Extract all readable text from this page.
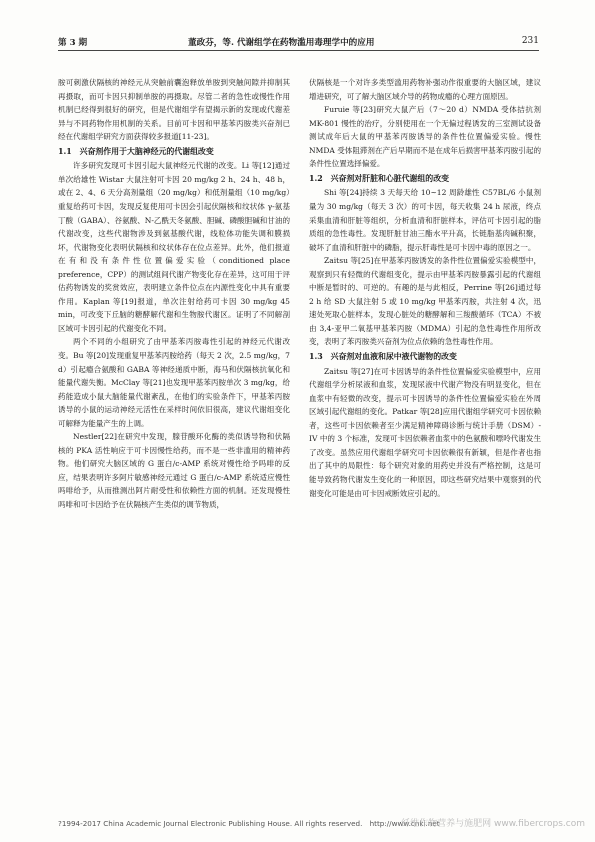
第 3 期	董政芬，等. 代谢组学在药物滥用毒理学中的应用	231

胺可刺激伏隔核的神经元从突触前囊泡释放单胺到突触间隙并抑制其再摄取，而可卡因只抑制单胺的再摄取。尽管二者的急性或慢性作用机制已经得到很好的研究，但是代谢组学有望揭示新的发现或代谢差异与不同药物作用机制的关系。目前可卡因和甲基苯丙胺类兴奋剂已经在代谢组学研究方面获得较多报道[11-23]。

1.1　兴奋剂作用于大脑神经元的代谢组改变

许多研究发现可卡因引起大鼠神经元代谢的改变。Li 等[12]通过单次给雄性 Wistar 大鼠注射可卡因 20 mg/kg 2 h、24 h、48 h，或在 2、4、6 天分高剂量组（20 mg/kg）和低剂量组（10 mg/kg）重复给药可卡因，发现反复使用可卡因会引起伏隔核和纹状体 γ-氨基丁酸（GABA）、谷氨酸、N-乙酰天冬氨酸、胆碱、磷酸胆碱和甘油的代谢改变，这些代谢物涉及到氨基酸代谢，线粒体功能失调和膜损坏，代谢物变化表明伏隔核和纹状体存在位点差异。此外，他们报道在有和没有条件性位置偏爱实验（conditioned place preference，CPP）的测试组间代谢产物变化存在差异，这可用于评估药物诱发的奖赏效应，表明建立条件位点在内源性变化中具有重要作用。Kaplan 等[19]报道，单次注射给药可卡因 30 mg/kg 45 min，可改变下丘脑的糖酵解代谢和生物胺代谢区。证明了不同解剖区域可卡因引起的代谢变化不同。

两个不同的小组研究了由甲基苯丙胺毒性引起的神经元代谢改变。Bu 等[20]发现重复甲基苯丙胺给药（每天 2 次，2.5 mg/kg，7 d）引起瘾合氨酸和 GABA 等神经递质中断，海马和伏隔核抗氧化和能量代谢失衡。McClay 等[21]也发现甲基苯丙胺单次 3 mg/kg，给药能造成小鼠大脑能量代谢紊乱，在他们的实验条件下，甲基苯丙胺诱导的小鼠的运动神经元活性在采样时间依旧很高，建议代谢组变化可解释为能量产生的上调。

Nestler[22]在研究中发现，腺苷酸环化酶的类似诱导物和伏隔核的 PKA 活性响应于可卡因慢性给药，而不是一些非滥用的精神药物。他们研究大脑区域的 G 蛋白/c-AMP 系统对慢性给予吗啡的反应，结果表明许多阿片敏感神经元通过 G 蛋白/c-AMP 系统适应慢性吗啡给予，从而推测出阿片耐受性和依赖性方面的机制。还发现慢性吗啡和可卡因给予在伏隔核产生类似的调节物质，

伏隔核是一个对许多类型滥用药物补强动作很重要的大脑区域，建议增进研究，可了解大脑区域介导的药物成瘾的心理方面原因。

Furuie 等[23]研究大鼠产后（7～20 d）NMDA 受体拮抗剂 MK-801 慢性的治疗，分别使用在一个无偏过程诱发的三室测试设备测试成年后大鼠的甲基苯丙胺诱导的条件性位置偏爱实验。慢性 NMDA 受体阻滞剂在产后早期而不是在成年后损害甲基苯丙胺引起的条件性位置选择偏爱。

1.2　兴奋剂对肝脏和心脏代谢组的改变

Shi 等[24]持续 3 天每天给 10~12 周龄雄性 C57BL/6 小鼠剂量为 30 mg/kg（每天 3 次）的可卡因，每天收集 24 h 尿液，终点采集血清和肝脏等组织，分析血清和肝脏样本，评估可卡因引起的脂质组的急性毒性。发现肝脏甘油三酯水平升高，长链脂基肉碱积聚，破坏了血清和肝脏中的磷脂，提示肝毒性是可卡因中毒的原因之一。

Zaitsu 等[25]在甲基苯丙胺诱发的条件性位置偏爱实验模型中，观察到只有轻微的代谢组变化，提示由甲基苯丙胺暴露引起的代谢组中断是暂时的、可逆的。有趣的是与此相反，Perrine 等[26]通过每 2 h 给 SD 大鼠注射 5 或 10 mg/kg 甲基苯丙胺，共注射 4 次，迅速处死取心脏样本，发现心脏处的糖酵解和三羧酸循环（TCA）不被由 3,4-亚甲二氧基甲基苯丙胺（MDMA）引起的急性毒性作用所改变，表明了苯丙胺类兴奋剂为位点依赖的急性毒性作用。

1.3　兴奋剂对血液和尿中液代谢物的改变

Zaitsu 等[27]在可卡因诱导的条件性位置偏爱实验模型中，应用代谢组学分析尿液和血浆，发现尿液中代谢产物没有明显变化，但在血浆中有轻微的改变，提示可卡因诱导的条件性位置偏爱实验在外周区域引起代谢组的变化。Patkar 等[28]应用代谢组学研究可卡因依赖者，这些可卡因依赖者至少满足精神障碍诊断与统计手册（DSM）-IV 中的 3 个标准，发现可卡因依赖者血浆中的色氨酸和嘌呤代谢发生了改变。虽然应用代谢组学研究可卡因依赖很有新颖，但是作者也指出了其中的局限性：每个研究对象的用药史并没有严格控制，这是可能导致药物代谢发生变化的一种原因，即这些研究结果中观察到的代谢变化可能是由可卡因戒断效应引起的。

?1994-2017 China Academic Journal Electronic Publishing House. All rights reserved.　http://www.cnki.net
纤维作物营养与施肥网 www.fibercrops.com
